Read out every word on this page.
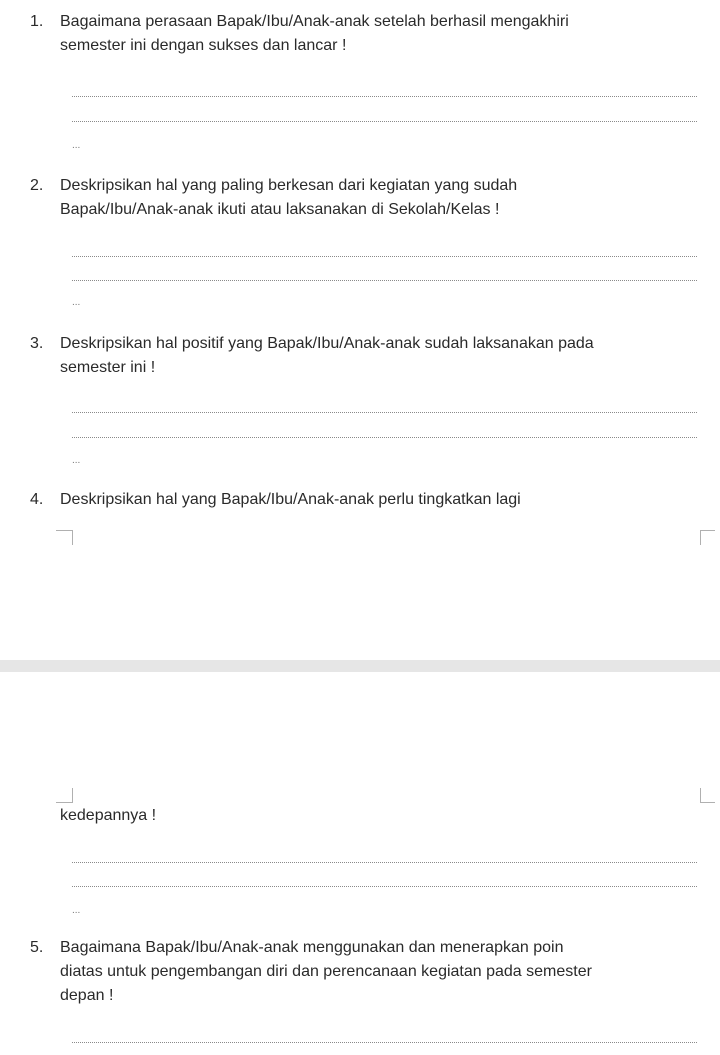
1.	Bagaimana perasaan Bapak/Ibu/Anak-anak setelah berhasil mengakhiri
semester ini dengan sukses dan lancar !
...
2.	Deskripsikan hal yang paling berkesan dari kegiatan yang sudah
Bapak/Ibu/Anak-anak ikuti atau laksanakan di Sekolah/Kelas !
...
3.	Deskripsikan hal positif yang Bapak/Ibu/Anak-anak sudah laksanakan pada
semester ini !
...
4.	Deskripsikan hal yang Bapak/Ibu/Anak-anak perlu tingkatkan lagi
kedepannya !
...
5.	Bagaimana Bapak/Ibu/Anak-anak menggunakan dan menerapkan poin
diatas untuk pengembangan diri dan perencanaan kegiatan pada semester
depan !
